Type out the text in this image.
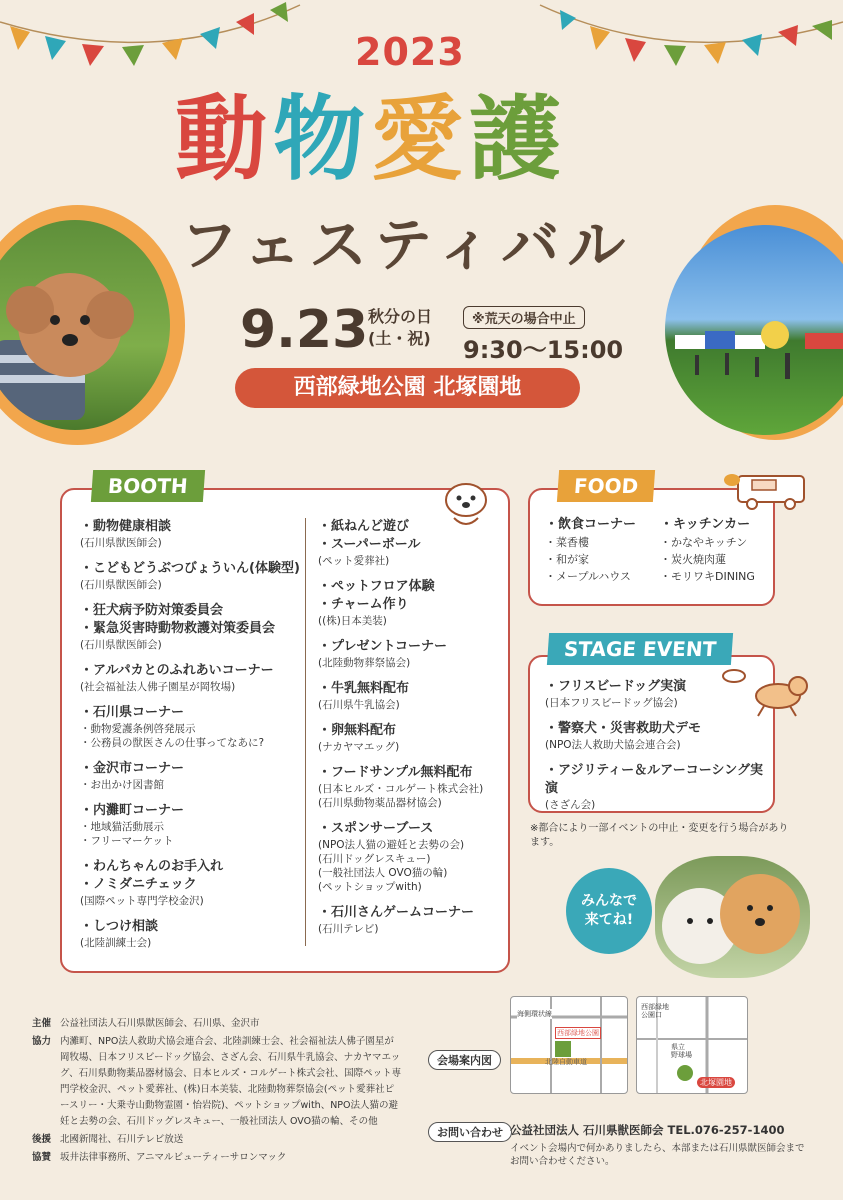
2023
動 物 愛 護
フェスティバル
9.23 秋分の日
(土・祝)
※荒天の場合中止
9:30～15:00
西部緑地公園 北塚園地
BOOTH
・動物健康相談
(石川県獣医師会)
・こどもどうぶつびょういん(体験型)
(石川県獣医師会)
・狂犬病予防対策委員会
・緊急災害時動物救護対策委員会
(石川県獣医師会)
・アルパカとのふれあいコーナー
(社会福祉法人佛子園星が岡牧場)
・石川県コーナー
・動物愛護条例啓発展示
・公務員の獣医さんの仕事ってなあに?
・金沢市コーナー
・お出かけ図書館
・内灘町コーナー
・地域猫活動展示
・フリーマーケット
・わんちゃんのお手入れ
・ノミダニチェック
(国際ペット専門学校金沢)
・しつけ相談
(北陸訓練士会)
・紙ねんど遊び
・スーパーボール
(ペット愛葬社)
・ペットフロア体験
・チャーム作り
((株)日本美装)
・プレゼントコーナー
(北陸動物葬祭協会)
・牛乳無料配布
(石川県牛乳協会)
・卵無料配布
(ナカヤマエッグ)
・フードサンプル無料配布
(日本ヒルズ・コルゲート株式会社)
(石川県動物薬品器材協会)
・スポンサーブース
(NPO法人猫の避妊と去勢の会)
(石川ドッグレスキュー)
(一般社団法人 OVO猫の輪)
(ペットショップwith)
・石川さんゲームコーナー
(石川テレビ)
FOOD
・飲食コーナー
・菜香樓
・和が家
・メープルハウス
・キッチンカー
・かなやキッチン
・炭火焼肉蓮
・モリワキDINING
STAGE EVENT
・フリスビードッグ実演
(日本フリスビードッグ協会)
・警察犬・災害救助犬デモ
(NPO法人救助犬協会連合会)
・アジリティー＆ルアーコーシング実演
(さざん会)
※都合により一部イベントの中止・変更を行う場合があります。
みんなで
来てね!
主催 公益社団法人石川県獣医師会、石川県、金沢市
協力 内灘町、NPO法人救助犬協会連合会、北陸訓練士会、社会福祉法人佛子園星が岡牧場、日本フリスビードッグ協会、さざん会、石川県牛乳協会、ナカヤマエッグ、石川県動物薬品器材協会、日本ヒルズ・コルゲート株式会社、国際ペット専門学校金沢、ペット愛葬社、(株)日本美装、北陸動物葬祭協会(ペット愛葬社ピースリー・大乗寺山動物霊園・怡岩院)、ペットショップwith、NPO法人猫の避妊と去勢の会、石川ドッグレスキュー、一般社団法人 OVO猫の輪、その他
後援 北國新聞社、石川テレビ放送
協賛 坂井法律事務所、アニマルビューティーサロンマック
会場案内図
海側環状線
西部緑地公園
北陸自動車道
西部緑地
公園口
県立
野球場
北塚園地
お問い合わせ 公益社団法人 石川県獣医師会 TEL.076-257-1400
イベント会場内で何かありましたら、本部または石川県獣医師会までお問い合わせください。
